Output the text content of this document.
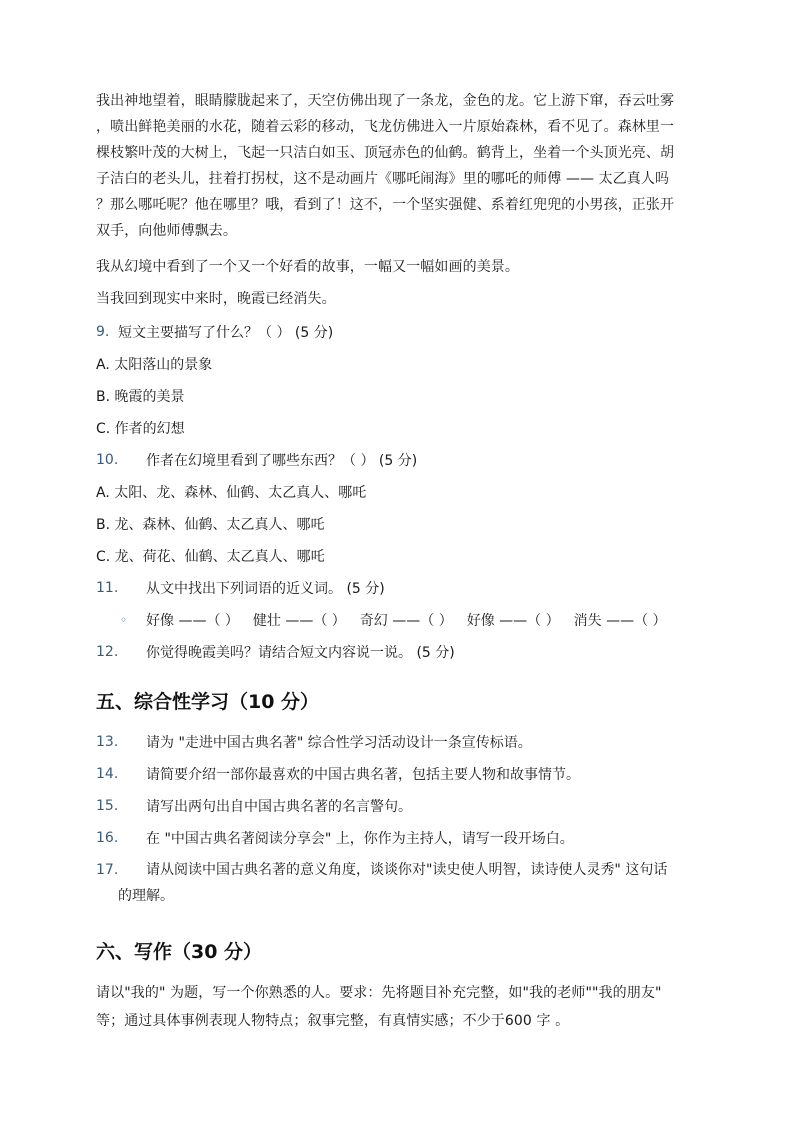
我出神地望着，眼睛朦胧起来了，天空仿佛出现了一条龙，金色的龙。它上游下窜，吞云吐雾

，喷出鲜艳美丽的水花，随着云彩的移动，飞龙仿佛进入一片原始森林，看不见了。森林里一

棵枝繁叶茂的大树上，飞起一只洁白如玉、顶冠赤色的仙鹤。鹤背上，坐着一个头顶光亮、胡

子洁白的老头儿，拄着打拐杖，这不是动画片《哪吒闹海》里的哪吒的师傅 —— 太乙真人吗

？那么哪吒呢？他在哪里？哦，看到了！这不，一个坚实强健、系着红兜兜的小男孩，正张开

双手，向他师傅飘去。

我从幻境中看到了一个又一个好看的故事，一幅又一幅如画的美景。

当我回到现实中来时，晚霞已经消失。

9. 短文主要描写了什么？（ ） (5 分)
A. 太阳落山的景象
B. 晚霞的美景
C. 作者的幻想
10.	作者在幻境里看到了哪些东西？（ ） (5 分)
A. 太阳、龙、森林、仙鹤、太乙真人、哪吒
B. 龙、森林、仙鹤、太乙真人、哪吒
C. 龙、荷花、仙鹤、太乙真人、哪吒
11.	从文中找出下列词语的近义词。 (5 分)
◦	好像 ——（ ） 健壮 ——（ ） 奇幻 ——（ ） 好像 ——（ ） 消失 ——（ ）
12.	你觉得晚霞美吗？请结合短文内容说一说。 (5 分)
五、综合性学习（10 分）
13.	请为 "走进中国古典名著" 综合性学习活动设计一条宣传标语。
14.	请简要介绍一部你最喜欢的中国古典名著，包括主要人物和故事情节。
15.	请写出两句出自中国古典名著的名言警句。
16.	在 "中国古典名著阅读分享会" 上，你作为主持人，请写一段开场白。
17. 请从阅读中国古典名著的意义角度，谈谈你对"读史使人明智，读诗使人灵秀" 这句话
的理解。
六、写作（30 分）

请以"我的" 为题，写一个你熟悉的人。要求：先将题目补充完整，如"我的老师""我的朋友"

等；通过具体事例表现人物特点；叙事完整，有真情实感；不少于600 字 。
